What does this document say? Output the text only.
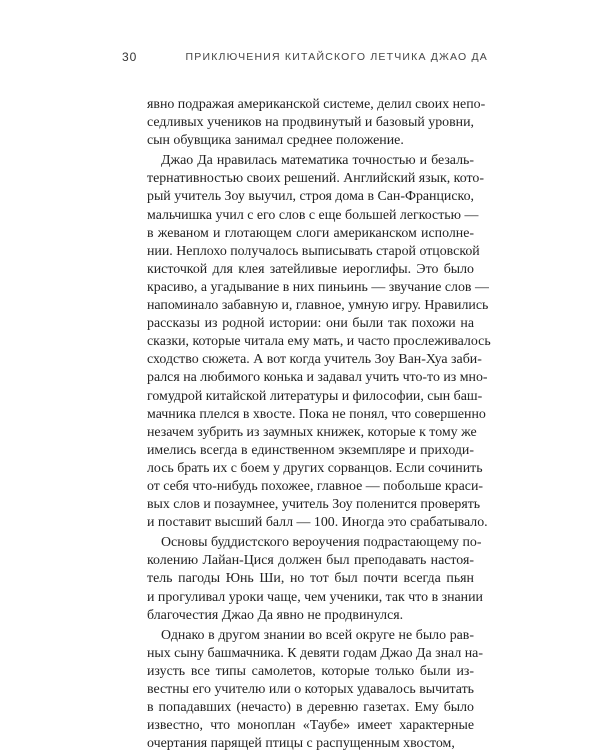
30	ПРИКЛЮЧЕНИЯ КИТАЙСКОГО ЛЕТЧИКА ДЖАО ДА
явно подражая американской системе, делил своих непо-
седливых учеников на продвинутый и базовый уровни,
сын обувщика занимал среднее положение.
Джао Да нравилась математика точностью и безаль-
тернативностью своих решений. Английский язык, кото-
рый учитель Зоу выучил, строя дома в Сан-Франциско,
мальчишка учил с его слов с еще большей легкостью —
в жеваном и глотающем слоги американском исполне-
нии. Неплохо получалось выписывать старой отцовской
кисточкой для клея затейливые иероглифы. Это было
красиво, а угадывание в них пиньинь — звучание слов —
напоминало забавную и, главное, умную игру. Нравились
рассказы из родной истории: они были так похожи на
сказки, которые читала ему мать, и часто прослеживалось
сходство сюжета. А вот когда учитель Зоу Ван-Хуа заби-
рался на любимого конька и задавал учить что-то из мно-
гомудрой китайской литературы и философии, сын баш-
мачника плелся в хвосте. Пока не понял, что совершенно
незачем зубрить из заумных книжек, которые к тому же
имелись всегда в единственном экземпляре и приходи-
лось брать их с боем у других сорванцов. Если сочинить
от себя что-нибудь похожее, главное — побольше краси-
вых слов и позаумнее, учитель Зоу поленится проверять
и поставит высший балл — 100. Иногда это срабатывало.
Основы буддистского вероучения подрастающему по-
колению Лайан-Цися должен был преподавать настоя-
тель пагоды Юнь Ши, но тот был почти всегда пьян
и прогуливал уроки чаще, чем ученики, так что в знании
благочестия Джао Да явно не продвинулся.
Однако в другом знании во всей округе не было рав-
ных сыну башмачника. К девяти годам Джао Да знал на-
изусть все типы самолетов, которые только были из-
вестны его учителю или о которых удавалось вычитать
в попадавших (нечасто) в деревню газетах. Ему было
известно, что моноплан «Таубе» имеет характерные
очертания парящей птицы с распущенным хвостом,
